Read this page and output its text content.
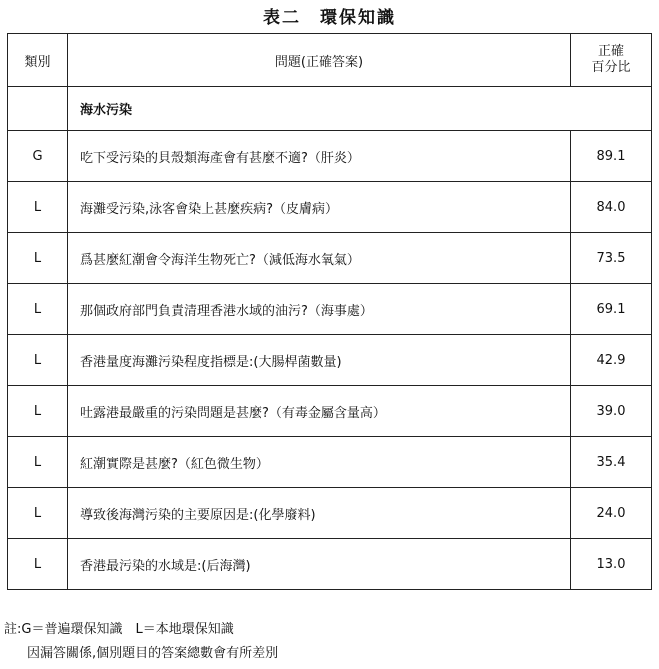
表二　環保知識
類別	問題(正確答案)	正確
百分比

	海水污染	
G	吃下受污染的貝殼類海產會有甚麼不適?（肝炎）	89.1
L	海灘受污染,泳客會染上甚麼疾病?（皮膚病）	84.0
L	爲甚麼紅潮會令海洋生物死亡?（減低海水氧氣）	73.5
L	那個政府部門負責清理香港水域的油污?（海事處）	69.1
L	香港量度海灘污染程度指標是:(大腸桿菌數量)	42.9
L	吐露港最嚴重的污染問題是甚麼?（有毒金屬含量高）	39.0
L	紅潮實際是甚麼?（紅色微生物）	35.4
L	導致後海灣污染的主要原因是:(化學廢料)	24.0
L	香港最污染的水域是:(后海灣)	13.0
註:G＝普遍環保知識　L＝本地環保知識
因漏答關係,個別題目的答案總數會有所差別
